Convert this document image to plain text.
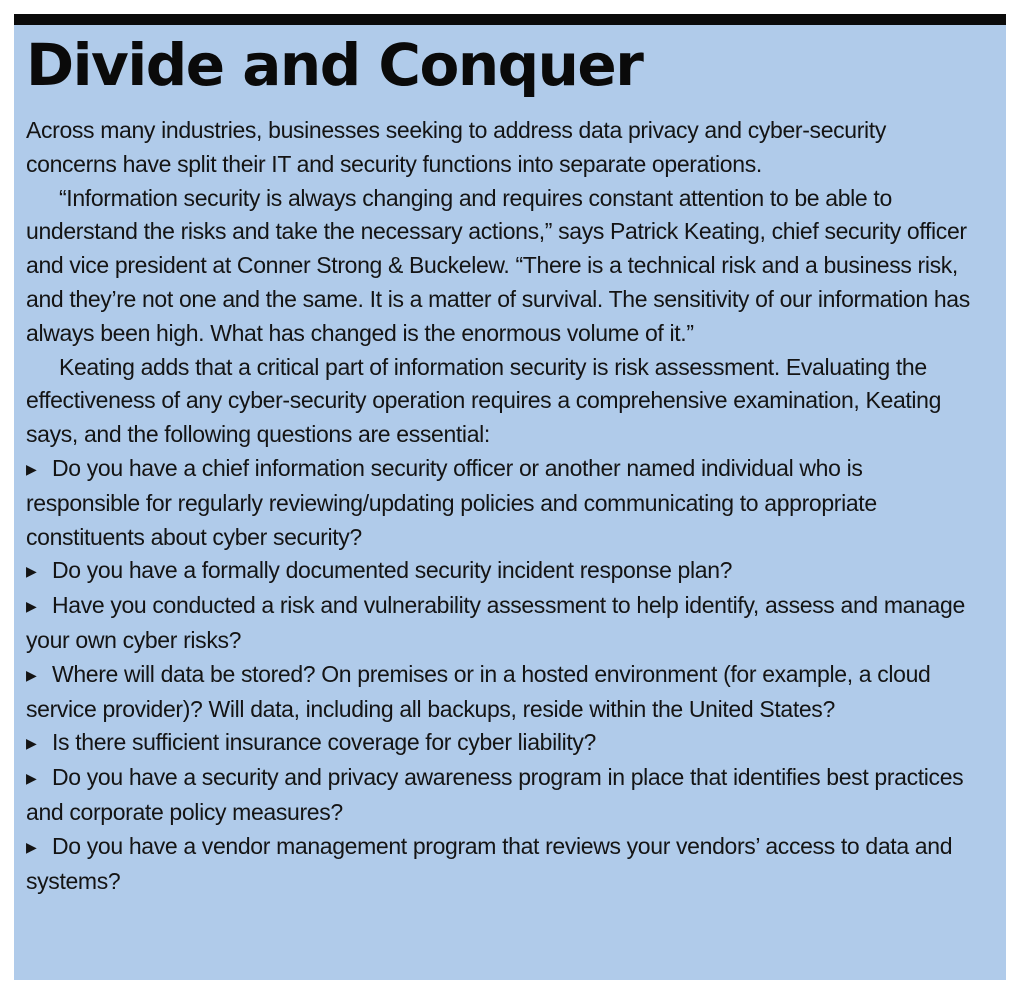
Divide and Conquer

Across many industries, businesses seeking to address data privacy and cyber-security concerns have split their IT and security functions into separate operations.

“Information security is always changing and requires constant attention to be able to understand the risks and take the necessary actions,” says Patrick Keating, chief security officer and vice president at Conner Strong & Buckelew. “There is a technical risk and a business risk, and they’re not one and the same. It is a matter of survival. The sensitivity of our information has always been high. What has changed is the enormous volume of it.”

Keating adds that a critical part of information security is risk assessment. Evaluating the effectiveness of any cyber-security operation requires a comprehensive examination, Keating says, and the following questions are essential:

▶ Do you have a chief information security officer or another named individual who is responsible for regularly reviewing/updating policies and communicating to appropriate constituents about cyber security?

▶ Do you have a formally documented security incident response plan?

▶ Have you conducted a risk and vulnerability assessment to help identify, assess and manage your own cyber risks?

▶ Where will data be stored? On premises or in a hosted environment (for example, a cloud service provider)? Will data, including all backups, reside within the United States?

▶ Is there sufficient insurance coverage for cyber liability?

▶ Do you have a security and privacy awareness program in place that identifies best practices and corporate policy measures?

▶ Do you have a vendor management program that reviews your vendors’ access to data and systems?
